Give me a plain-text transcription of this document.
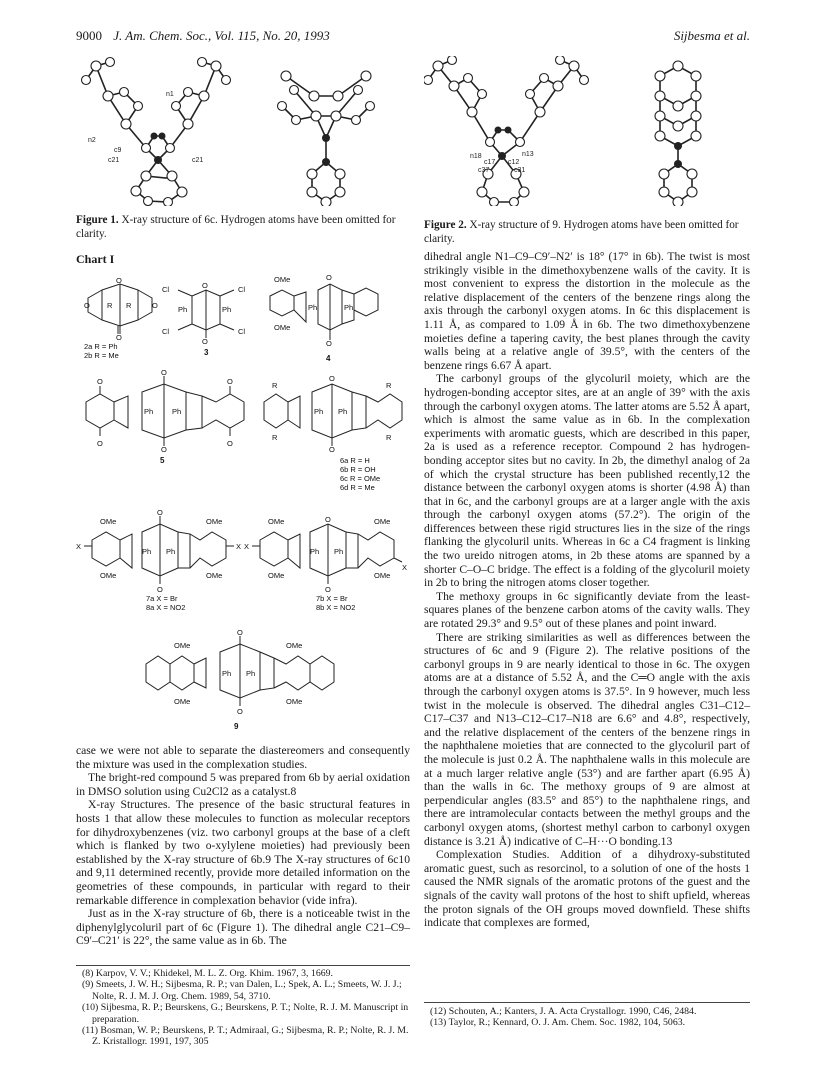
9000 J. Am. Chem. Soc., Vol. 115, No. 20, 1993	Sijbesma et al.
n1
n2
c9
c21	c21
Figure 1. X-ray structure of 6c. Hydrogen atoms have been omitted for clarity.
n18	n13
c17 c12
c37	c31
Figure 2. X-ray structure of 9. Hydrogen atoms have been omitted for clarity.
Chart I
O
O
O	O
R R
2a R = Ph
2b R = Me
Cl	Cl
Cl	Cl
Ph	Ph
O
O
3
OMe
OMe
Ph	Ph
O
O
4
O
O
O
O
O
O
Ph	Ph
5
R
R
R
R
Ph Ph
O
O
6a R = H
6b R = OH
6c R = OMe
6d R = Me
OMe
OMe
OMe
OMe
X	X
Ph Ph
O
O
7a X = Br
8a X = NO2
OMe
OMe
OMe
OMe
X
X
Ph Ph
O
O
7b X = Br
8b X = NO2
OMe
OMe
OMe
OMe
Ph Ph
O
O
9

case we were not able to separate the diastereomers and consequently the mixture was used in the complexation studies.

The bright-red compound 5 was prepared from 6b by aerial oxidation in DMSO solution using Cu2Cl2 as a catalyst.8

X-ray Structures. The presence of the basic structural features in hosts 1 that allow these molecules to function as molecular receptors for dihydroxybenzenes (viz. two carbonyl groups at the base of a cleft which is flanked by two o-xylylene moieties) had previously been established by the X-ray structure of 6b.9 The X-ray structures of 6c10 and 9,11 determined recently, provide more detailed information on the geometries of these compounds, in particular with regard to their remarkable difference in complexation behavior (vide infra).

Just as in the X-ray structure of 6b, there is a noticeable twist in the diphenylglycoluril part of 6c (Figure 1). The dihedral angle C21–C9–C9′–C21′ is 22°, the same value as in 6b. The

(8) Karpov, V. V.; Khidekel, M. L. Z. Org. Khim. 1967, 3, 1669.

(9) Smeets, J. W. H.; Sijbesma, R. P.; van Dalen, L.; Spek, A. L.; Smeets, W. J. J.; Nolte, R. J. M. J. Org. Chem. 1989, 54, 3710.

(10) Sijbesma, R. P.; Beurskens, G.; Beurskens, P. T.; Nolte, R. J. M. Manuscript in preparation.

(11) Bosman, W. P.; Beurskens, P. T.; Admiraal, G.; Sijbesma, R. P.; Nolte, R. J. M. Z. Kristallogr. 1991, 197, 305

dihedral angle N1–C9–C9′–N2′ is 18° (17° in 6b). The twist is most strikingly visible in the dimethoxybenzene walls of the cavity. It is most convenient to express the distortion in the molecule as the relative displacement of the centers of the benzene rings along the axis through the carbonyl oxygen atoms. In 6c this displacement is 1.11 Å, as compared to 1.09 Å in 6b. The two dimethoxybenzene moieties define a tapering cavity, the best planes through the cavity walls being at a relative angle of 39.5°, with the centers of the benzene rings 6.67 Å apart.

The carbonyl groups of the glycoluril moiety, which are the hydrogen-bonding acceptor sites, are at an angle of 39° with the axis through the carbonyl oxygen atoms. The latter atoms are 5.52 Å apart, which is almost the same value as in 6b. In the complexation experiments with aromatic guests, which are described in this paper, 2a is used as a reference receptor. Compound 2 has hydrogen- bonding acceptor sites but no cavity. In 2b, the dimethyl analog of 2a of which the crystal structure has been published recently,12 the distance between the carbonyl oxygen atoms is shorter (4.98 Å) than that in 6c, and the carbonyl groups are at a larger angle with the axis through the carbonyl oxygen atoms (57.2°). The origin of the differences between these rigid structures lies in the size of the rings flanking the glycoluril units. Whereas in 6c a C4 fragment is linking the two ureido nitrogen atoms, in 2b these atoms are spanned by a shorter C–O–C bridge. The effect is a folding of the glycoluril moiety in 2b to bring the nitrogen atoms closer together.

The methoxy groups in 6c significantly deviate from the least-squares planes of the benzene carbon atoms of the cavity walls. They are rotated 29.3° and 9.5° out of these planes and point inward.

There are striking similarities as well as differences between the structures of 6c and 9 (Figure 2). The relative positions of the carbonyl groups in 9 are nearly identical to those in 6c. The oxygen atoms are at a distance of 5.52 Å, and the C═O angle with the axis through the carbonyl oxygen atoms is 37.5°. In 9 however, much less twist in the molecule is observed. The dihedral angles C31–C12–C17–C37 and N13–C12–C17–N18 are 6.6° and 4.8°, respectively, and the relative displacement of the centers of the benzene rings in the naphthalene moieties that are connected to the glycoluril part of the molecule is just 0.2 Å. The naphthalene walls in this molecule are at a much larger relative angle (53°) and are farther apart (6.95 Å) than the walls in 6c. The methoxy groups of 9 are almost at perpendicular angles (83.5° and 85°) to the naphthalene rings, and there are intramolecular contacts between the methyl groups and the carbonyl oxygen atoms, (shortest methyl carbon to carbonyl oxygen distance is 3.21 Å) indicative of C–H···O bonding.13

Complexation Studies. Addition of a dihydroxy-substituted aromatic guest, such as resorcinol, to a solution of one of the hosts 1 caused the NMR signals of the aromatic protons of the guest and the signals of the cavity wall protons of the host to shift upfield, whereas the proton signals of the OH groups moved downfield. These shifts indicate that complexes are formed,

(12) Schouten, A.; Kanters, J. A. Acta Crystallogr. 1990, C46, 2484.

(13) Taylor, R.; Kennard, O. J. Am. Chem. Soc. 1982, 104, 5063.
